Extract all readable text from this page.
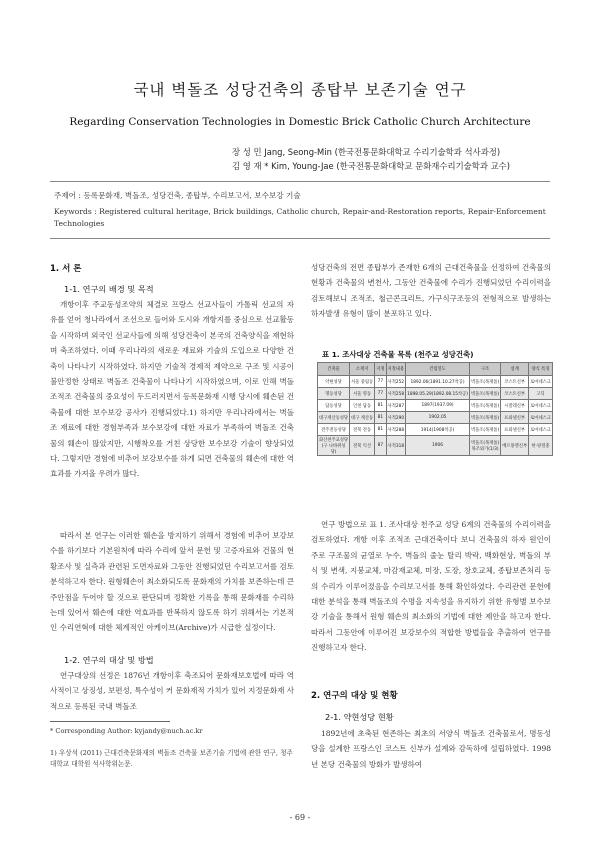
국내 벽돌조 성당건축의 종탑부 보존기술 연구
Regarding Conservation Technologies in Domestic Brick Catholic Church Architecture
장 성 민 Jang, Seong-Min (한국전통문화대학교 수리기술학과 석사과정)
김 영 재 * Kim, Young-Jae (한국전통문화대학교 문화재수리기술학과 교수)
주제어 : 등록문화재, 벽돌조, 성당건축, 종탑부, 수리보고서, 보수보강 기술
Keywords : Registered cultural heritage, Brick buildings, Catholic church, Repair-and-Restoration reports, Repair-Enforcement Technologies
1. 서 론
1-1. 연구의 배경 및 목적

개항이후 주교동성조약의 체결로 프랑스 선교사들이 가톨릭 선교의 자유를 얻어 청나라에서 조선으로 들어와 도시와 개항지를 중심으로 선교활동을 시작하며 외국인 선교사들에 의해 성당건축이 본국의 건축양식을 재현하며 축조하였다. 이때 우리나라의 새로운 재료와 기술의 도입으로 다양한 건축이 나타나기 시작하였다. 하지만 기술적 경제적 제약으로 구조 및 시공이 불안정한 상태로 벽돌조 건축물이 나타나기 시작하였으며, 이로 인해 벽돌 조적조 건축물의 중요성이 두드러지면서 등록문화재 시행 당시에 훼손된 건축물에 대한 보수보강 공사가 진행되었다.1) 하지만 우리나라에서는 벽돌조 재료에 대한 경험부족과 보수보강에 대한 자료가 부족하여 벽돌조 건축물의 훼손이 많았지만, 시행착오를 거친 상당한 보수보강 기술이 향상되었다. 그렇지만 경험에 비추어 보강보수를 하게 되면 건축물의 훼손에 대한 역효과를 가져올 우려가 많다.

따라서 본 연구는 이러한 훼손을 방지하기 위해서 경험에 비추어 보강보수를 하기보다 기본원칙에 따라 수리에 앞서 문헌 및 고증자료와 건물의 현황조사 및 실측과 관련된 도면자료와 그동안 진행되었던 수리보고서를 검토분석하고자 한다. 원형훼손이 최소화되도록 문화재의 가치를 보존하는데 큰 주안점을 두어야 할 것으로 판단되며 정확한 기록을 통해 문화재를 수리하는데 있어서 훼손에 대한 역효과를 반복하지 않도록 하기 위해서는 기본적인 수리연혁에 대한 체계적인 아케이브(Archive)가 시급한 실정이다.

1-2. 연구의 대상 및 방법

연구대상의 선정은 1876년 개항이후 축조되어 문화재보호법에 따라 역사적이고 상징성, 보편성, 특수성이 커 문화재적 가치가 있어 지정문화재 사적으로 등록된 국내 벽돌조

* Corresponding Author: kyjandy@nuch.ac.kr
1) 우상석 (2011) 근대건축문화재의 벽돌조 건축물 보존기술 기법에 관한 연구, 청주대학교 대학원 석사학위논문.

성당건축의 전면 종탑부가 존재한 6개의 근대건축물을 선정하여 건축물의 현황과 건축물의 변천사, 그동안 건축물에 수리가 진행되었던 수리이력을 검토해보니 조적조, 철근콘크리트, 가구식구조등의 전형적으로 발생하는 하자발생 유형이 많이 분포하고 있다.

표 1. 조사대상 건축물 목록 (천주교 성당건축)
건축물	소재지	지정	지정내용	건립연도	구조	설계	양식 특징
약현성당	서울 중림동	77	사적252	1892.06(1891.10.27착공)	벽돌조(목재틀)	코스트신부	로마네스크
명동성당	서울 명동	77	사적258	1898.05.29(1892.08.15착공)	벽돌조(목재틀)	코스트신부	고딕
답동성당	인천 답동	81	사적287	1897(1937.09)	벽돌조(목재틀)	시잘레신부	로마네스크
대구계산동성당	대구 계산동	81	사적290	1902.05	벽돌조(목재틀)	프와넬신부	로마네스크
전주전동성당	전북 전동	81	사적288	1914(1908착공)	벽돌조(목재틀)	프와넬신부	로마네스크
화산천주교성당 (구 나바위성당)	전북 익산	87	사적318	1906	벽돌조(목재틀) 목조와가(1/3)	베르몽렐신부	한·양절충

연구 방법으로 표 1. 조사대상 천주교 성당 6계의 건축물의 수리이력을 검토하였다. 개항 이후 조적조 근대건축이다 보니 건축물의 하자 원인이 주로 구조물의 균열로 누수, 벽돌의 줄눈 탈리 박락, 백화현상, 벽돌의 부식 및 변색, 지붕교체, 마감재교체, 미장, 도장, 창호교체, 종탑보존처리 등의 수리가 이루어졌음을 수리보고서를 통해 확인하였다. 수리관련 문헌에 대한 분석을 통해 벽돌조의 수명을 지속성을 유지하기 위한 유형별 보수보강 기술을 통해서 원형 훼손의 최소화의 기법에 대한 제안을 하고자 한다. 따라서 그동안에 이루어진 보강보수의 적합한 방법들을 추출하여 연구를 진행하고자 한다.

2. 연구의 대상 및 현황
2-1. 약현성당 현황

1892년에 초축된 현존하는 최초의 서양식 벽돌조 건축물로서, 명동성당을 설계한 프랑스인 코스트 신부가 설계와 감독하에 설립하였다. 1998년 본당 건축물의 방화가 발생하여

- 69 -
